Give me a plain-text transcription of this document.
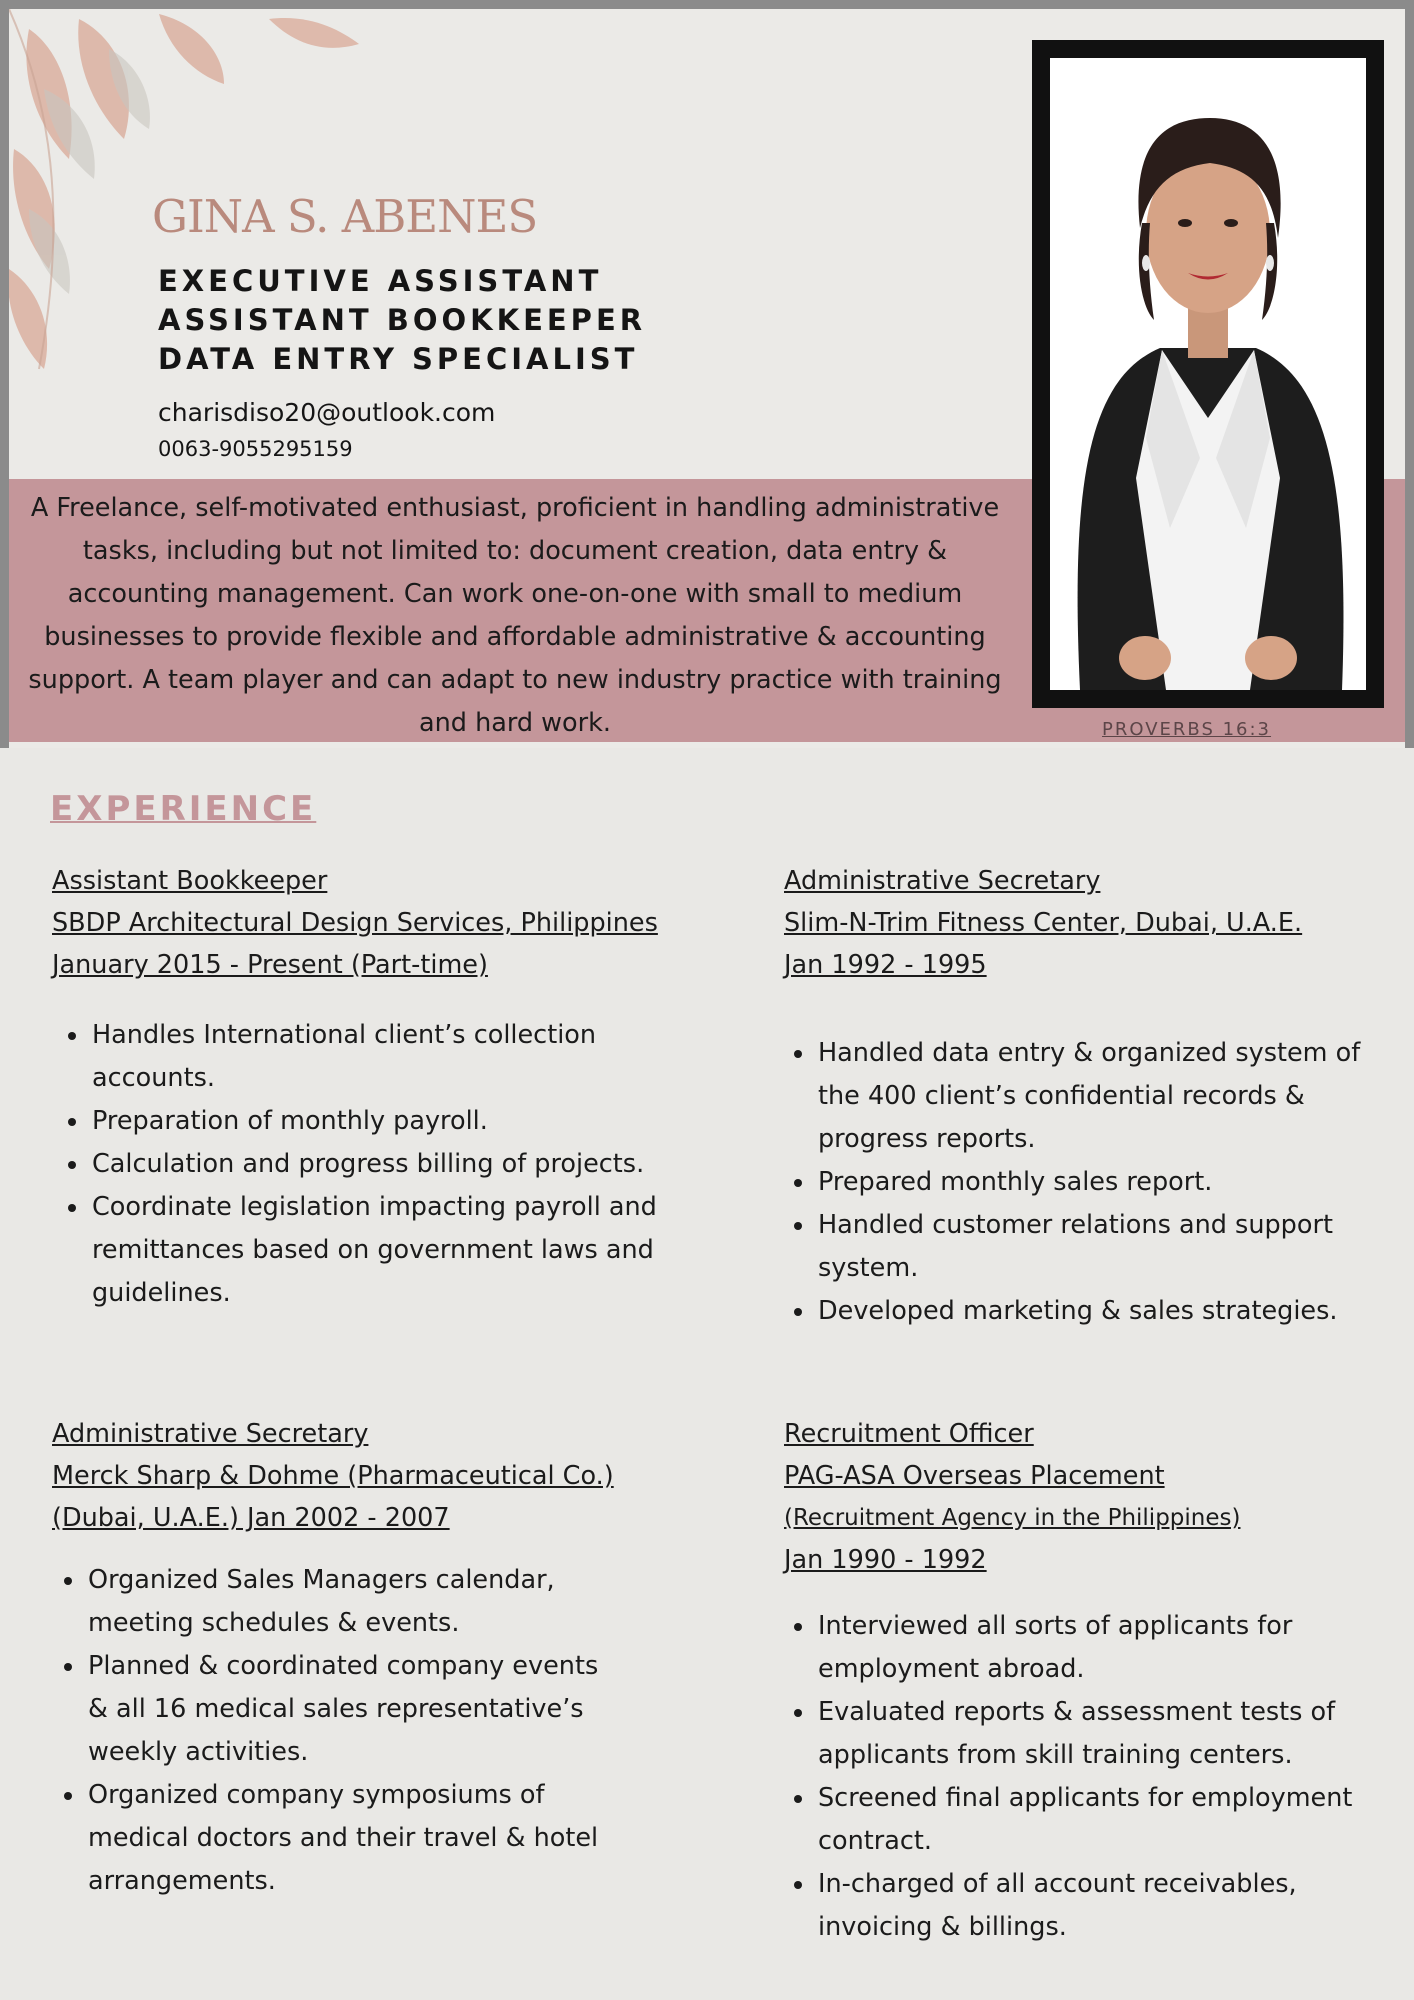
GINA S. ABENES
EXECUTIVE ASSISTANT
ASSISTANT BOOKKEEPER
DATA ENTRY SPECIALIST
charisdiso20@outlook.com
0063-9055295159
A Freelance, self-motivated enthusiast, proficient in handling administrative tasks, including but not limited to: document creation, data entry & accounting management. Can work one-on-one with small to medium businesses to provide flexible and affordable administrative & accounting support. A team player and can adapt to new industry practice with training and hard work.	PROVERBS 16:3
EXPERIENCE
Assistant Bookkeeper
SBDP Architectural Design Services, Philippines
January 2015 - Present (Part-time)
• Handles International client’s collection accounts.
• Preparation of monthly payroll.
• Calculation and progress billing of projects.
• Coordinate legislation impacting payroll and remittances based on government laws and guidelines.
Administrative Secretary
Slim-N-Trim Fitness Center, Dubai, U.A.E.
Jan 1992 - 1995
• Handled data entry & organized system of the 400 client’s confidential records & progress reports.
• Prepared monthly sales report.
• Handled customer relations and support system.
• Developed marketing & sales strategies.
Administrative Secretary
Merck Sharp & Dohme (Pharmaceutical Co.)
(Dubai, U.A.E.) Jan 2002 - 2007
• Organized Sales Managers calendar, meeting schedules & events.
• Planned & coordinated company events & all 16 medical sales representative’s weekly activities.
• Organized company symposiums of medical doctors and their travel & hotel arrangements.
Recruitment Officer
PAG-ASA Overseas Placement
(Recruitment Agency in the Philippines)
Jan 1990 - 1992
• Interviewed all sorts of applicants for employment abroad.
• Evaluated reports & assessment tests of applicants from skill training centers.
• Screened final applicants for employment contract.
• In-charged of all account receivables, invoicing & billings.
